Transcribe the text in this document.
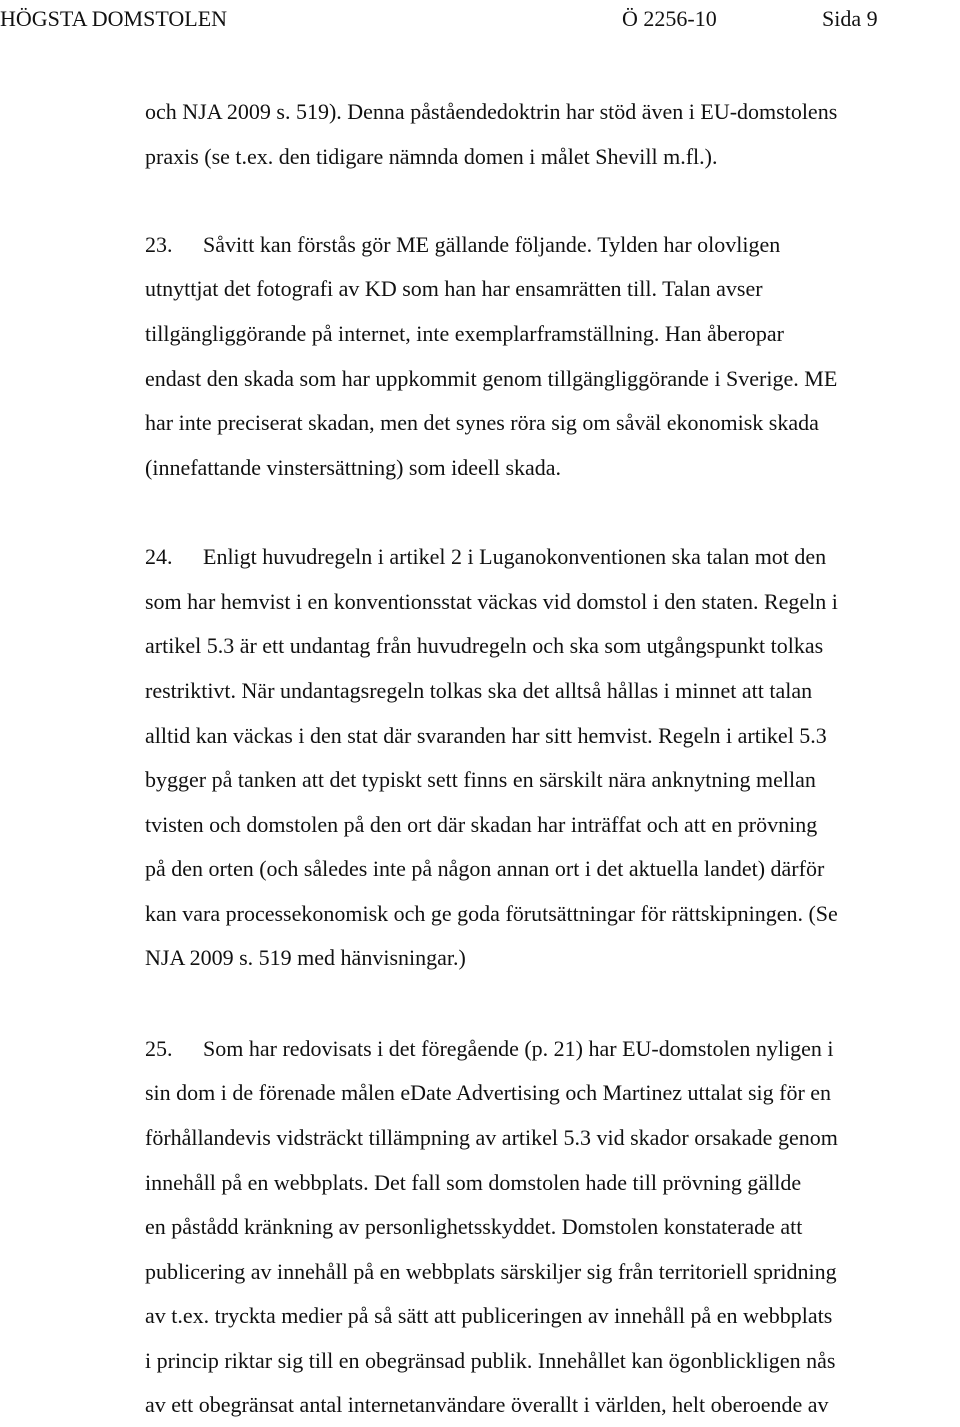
HÖGSTA DOMSTOLEN	Ö 2256-10	Sida 9
och NJA 2009 s. 519). Denna påståendedoktrin har stöd även i EU-domstolens
praxis (se t.ex. den tidigare nämnda domen i målet Shevill m.fl.).
23. Såvitt kan förstås gör ME gällande följande. Tylden har olovligen
utnyttjat det fotografi av KD som han har ensamrätten till. Talan avser
tillgängliggörande på internet, inte exemplarframställning. Han åberopar
endast den skada som har uppkommit genom tillgängliggörande i Sverige. ME
har inte preciserat skadan, men det synes röra sig om såväl ekonomisk skada
(innefattande vinstersättning) som ideell skada.
24. Enligt huvudregeln i artikel 2 i Luganokonventionen ska talan mot den
som har hemvist i en konventionsstat väckas vid domstol i den staten. Regeln i
artikel 5.3 är ett undantag från huvudregeln och ska som utgångspunkt tolkas
restriktivt. När undantagsregeln tolkas ska det alltså hållas i minnet att talan
alltid kan väckas i den stat där svaranden har sitt hemvist. Regeln i artikel 5.3
bygger på tanken att det typiskt sett finns en särskilt nära anknytning mellan
tvisten och domstolen på den ort där skadan har inträffat och att en prövning
på den orten (och således inte på någon annan ort i det aktuella landet) därför
kan vara processekonomisk och ge goda förutsättningar för rättskipningen. (Se
NJA 2009 s. 519 med hänvisningar.)
25. Som har redovisats i det föregående (p. 21) har EU-domstolen nyligen i
sin dom i de förenade målen eDate Advertising och Martinez uttalat sig för en
förhållandevis vidsträckt tillämpning av artikel 5.3 vid skador orsakade genom
innehåll på en webbplats. Det fall som domstolen hade till prövning gällde
en påstådd kränkning av personlighetsskyddet. Domstolen konstaterade att
publicering av innehåll på en webbplats särskiljer sig från territoriell spridning
av t.ex. tryckta medier på så sätt att publiceringen av innehåll på en webbplats
i princip riktar sig till en obegränsad publik. Innehållet kan ögonblickligen nås
av ett obegränsat antal internetanvändare överallt i världen, helt oberoende av
